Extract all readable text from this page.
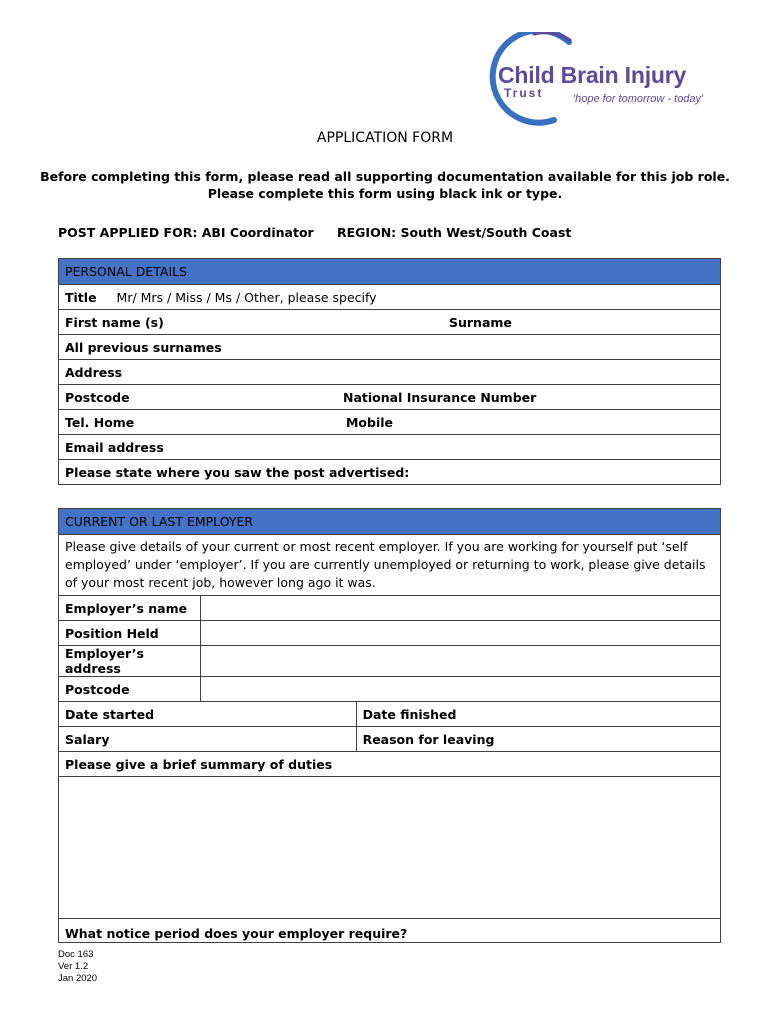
Child Brain Injury
Trust	'hope for tomorrow - today'
APPLICATION FORM
Before completing this form, please read all supporting documentation available for this job role.
Please complete this form using black ink or type.
POST APPLIED FOR: ABI Coordinator REGION: South West/South Coast
PERSONAL DETAILS
Title Mr/ Mrs / Miss / Ms / Other, please specify
First name (s)	Surname
All previous surnames
Address
Postcode	National Insurance Number
Tel. Home	Mobile
Email address
Please state where you saw the post advertised:
CURRENT OR LAST EMPLOYER		
Please give details of your current or most recent employer. If you are working for yourself put ‘self employed’ under ‘employer’. If you are currently unemployed or returning to work, please give details of your most recent job, however long ago it was.		
Employer’s name		
Position Held		
Employer’s address		
Postcode		
Date started		Date finished
Salary		Reason for leaving
Please give a brief summary of duties		

What notice period does your employer require?		
Doc 163
Ver 1.2
Jan 2020
